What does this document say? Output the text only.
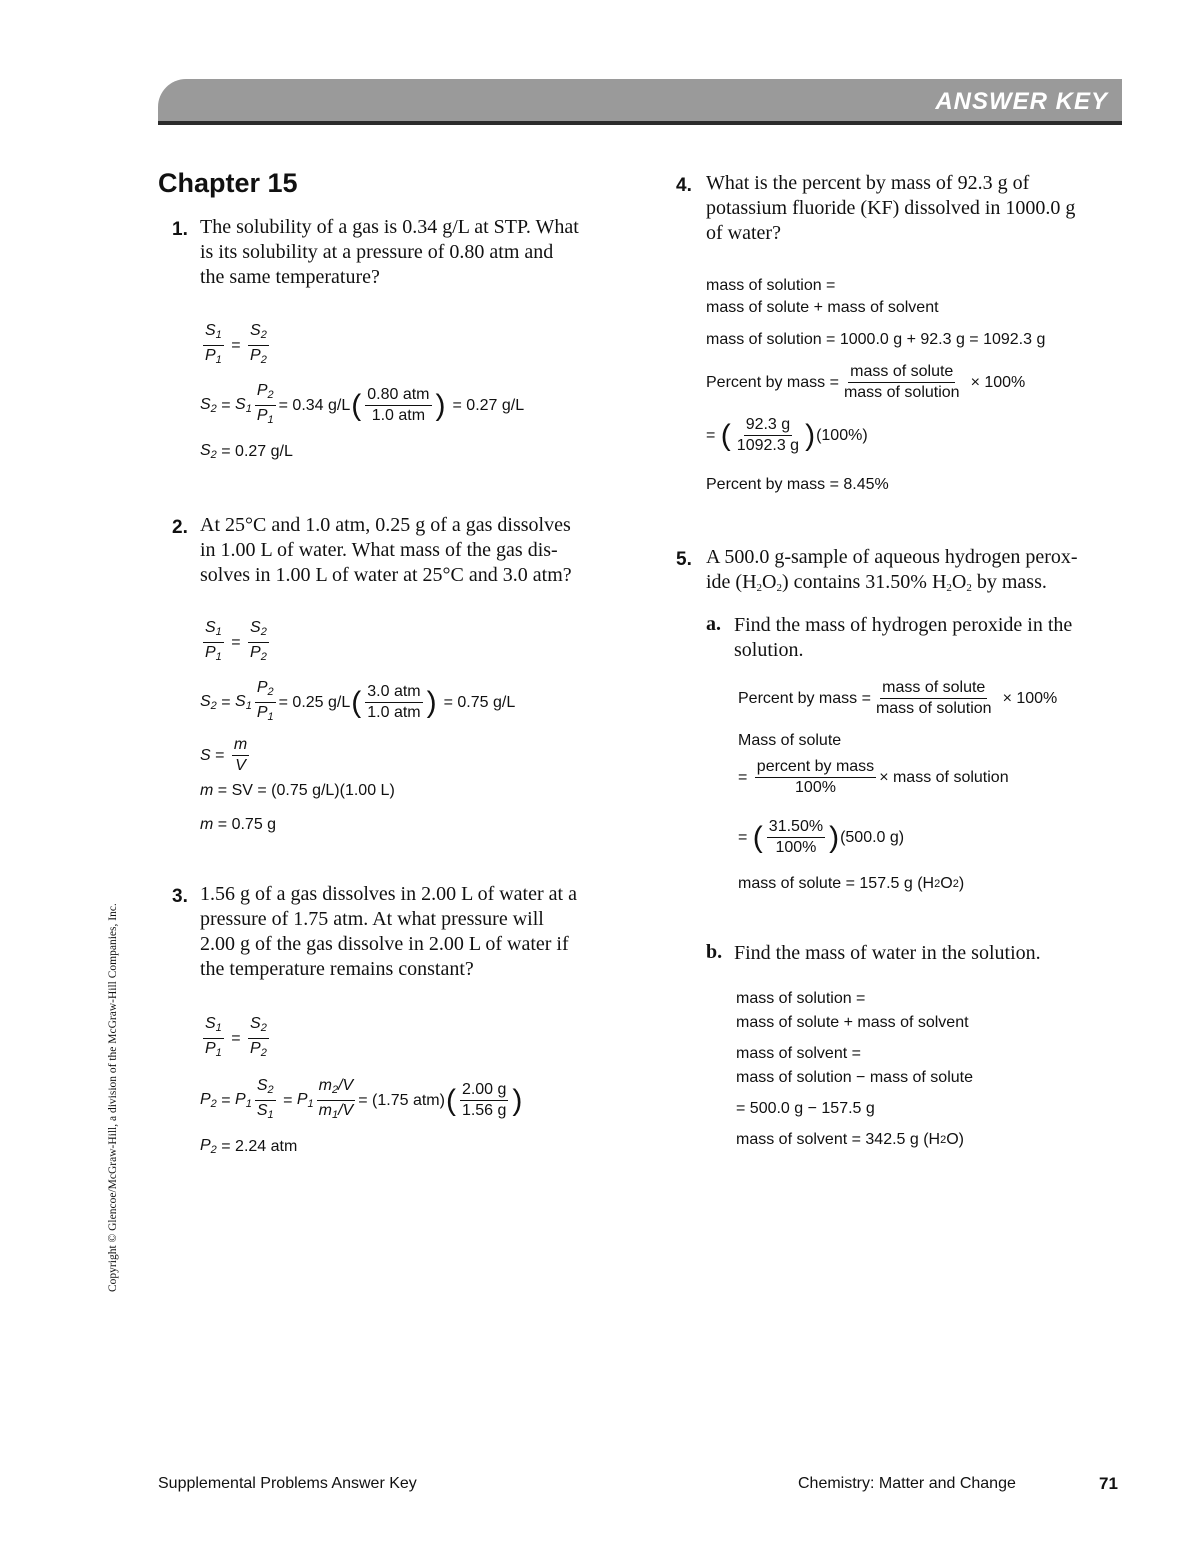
ANSWER KEY
Chapter 15
1. The solubility of a gas is 0.34 g/L at STP. What
is its solubility at a pressure of 0.80 atm and
the same temperature?
$\frac{S_1}{P_1} = \frac{S_2}{P_2}$
$S_2 = S_1 \frac{P_2}{P_1} = 0.34$ g/L ( $\frac{\text{0.80 atm}}{\text{1.0 atm}}$ ) = 0.27 g/L
$S_2$
= 0.27 g/L
2. At 25°C and 1.0 atm, 0.25 g of a gas dissolves
in 1.00 L of water. What mass of the gas dis-
solves in 1.00 L of water at 25°C and 3.0 atm?
$\frac{S_1}{P_1} = \frac{S_2}{P_2}$
$S_2 = S_1 \frac{P_2}{P_1} = 0.25$ g/L ( $\frac{\text{3.0 atm}}{\text{1.0 atm}}$ ) = 0.75 g/L
$S = \frac{m}{V}$
m
= SV = (0.75 g/L)(1.00 L)
m
= 0.75 g
3. 1.56 g of a gas dissolves in 2.00 L of water at a
pressure of 1.75 atm. At what pressure will
2.00 g of the gas dissolve in 2.00 L of water if
the temperature remains constant?
$\frac{S_1}{P_1} = \frac{S_2}{P_2}$
$P_2 = P_1 \frac{S_2}{S_1} = P_1 \frac{m_2/V}{m_1/V} = (1.75$ atm) ( $\frac{2.00 g}{1.56 g}$ )
$P_2$
= 2.24 atm
4. What is the percent by mass of 92.3 g of
potassium fluoride (KF) dissolved in 1000.0 g
of water?
mass of solution =
mass of solute + mass of solvent
mass of solution = 1000.0 g + 92.3 g = 1092.3 g
Percent by mass = $\frac{\text{mass of solute}}{\text{mass of solution}} \times 100\%$
= ( $\frac{92.3 g}{1092.3 g}$ ) (100%)
Percent by mass = 8.45%
5. A 500.0 g-sample of aqueous hydrogen perox-
ide $(H_2O_2)$ contains 31.50% $H_2O_2$ by mass.
a. Find the mass of hydrogen peroxide in the
solution.
Percent by mass = $\frac{\text{mass of solute}}{\text{mass of solution}} \times 100\%$
Mass of solute
= $\frac{\text{percent by mass}}{100\%}$ × mass of solution
= ( $\frac{31.50\%}{100\%}$ ) (500.0 g)
mass of solute = 157.5 g (H 2 O 2 )
b. Find the mass of water in the solution.
mass of solution =
mass of solute + mass of solvent
mass of solvent =
mass of solution − mass of solute
= 500.0 g − 157.5 g
mass of solvent = 342.5 g (H 2 O)
Copyright © Glencoe/McGraw-Hill, a division of the McGraw-Hill Companies, Inc.
Supplemental Problems Answer Key	Chemistry: Matter and Change	71
